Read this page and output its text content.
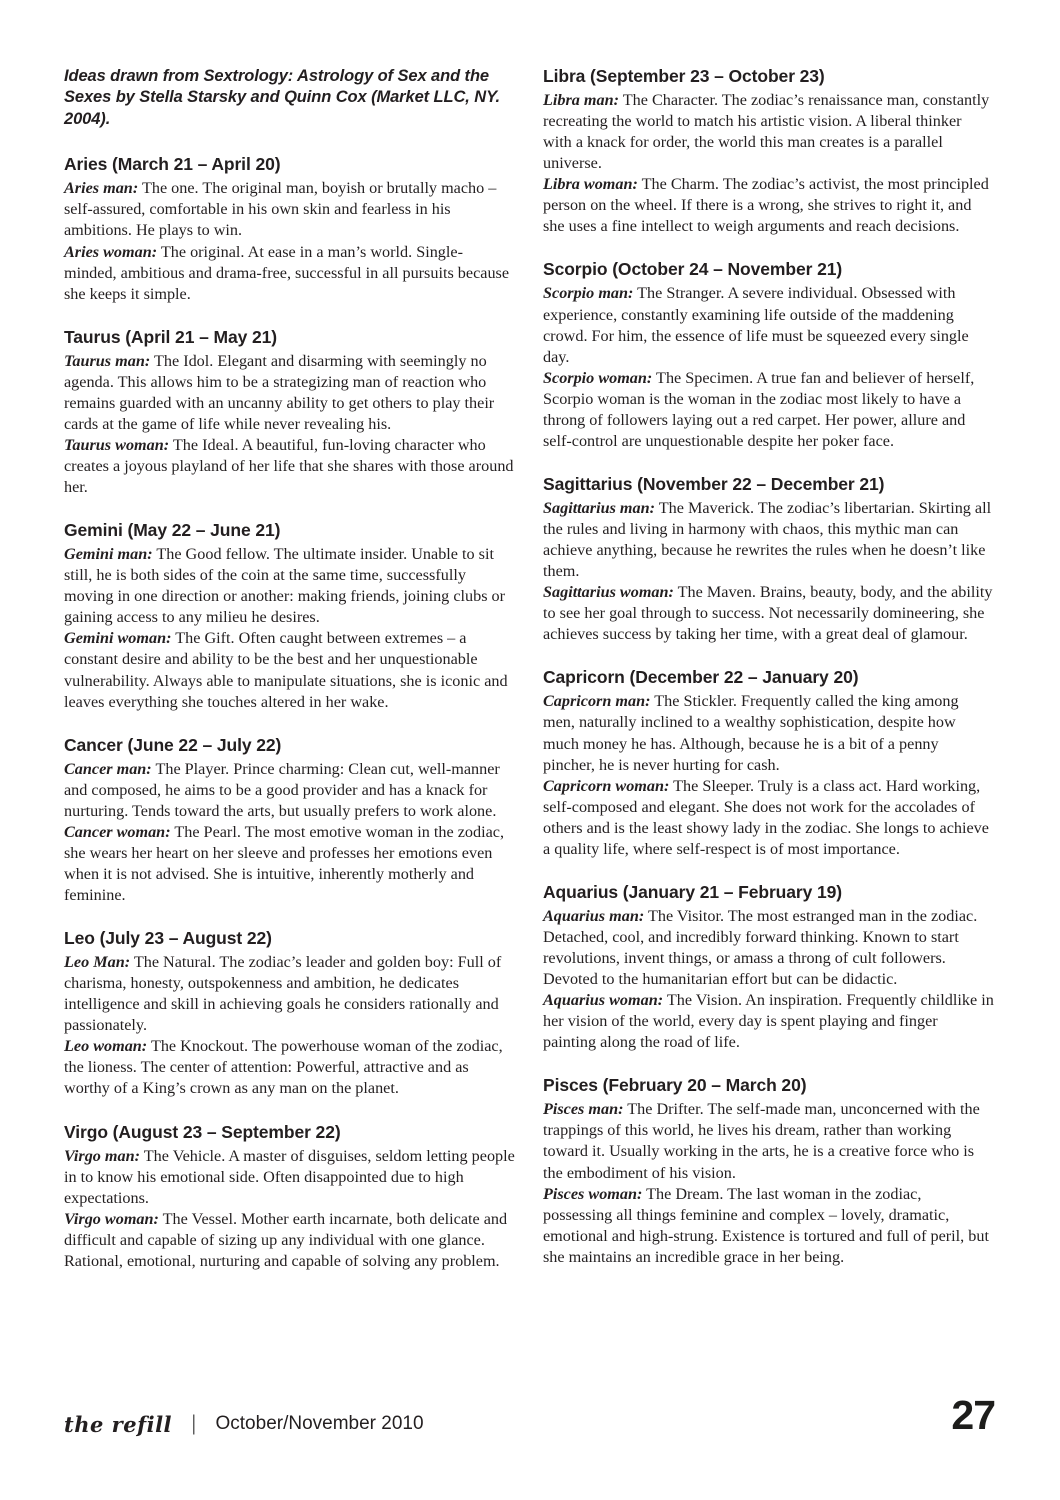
Ideas drawn from Sextrology: Astrology of Sex and the Sexes by Stella Starsky and Quinn Cox (Market LLC, NY. 2004).

Aries (March 21 – April 20)

Aries man: The one. The original man, boyish or brutally macho – self-assured, comfortable in his own skin and fearless in his ambitions. He plays to win.

Aries woman: The original. At ease in a man’s world. Single-minded, ambitious and drama-free, successful in all pursuits because she keeps it simple.

Taurus (April 21 – May 21)

Taurus man: The Idol. Elegant and disarming with seemingly no agenda. This allows him to be a strategizing man of reaction who remains guarded with an uncanny ability to get others to play their cards at the game of life while never revealing his.

Taurus woman: The Ideal. A beautiful, fun-loving character who creates a joyous playland of her life that she shares with those around her.

Gemini (May 22 – June 21)

Gemini man: The Good fellow. The ultimate insider. Unable to sit still, he is both sides of the coin at the same time, successfully moving in one direction or another: making friends, joining clubs or gaining access to any milieu he desires.

Gemini woman: The Gift. Often caught between extremes – a constant desire and ability to be the best and her unquestionable vulnerability. Always able to manipulate situations, she is iconic and leaves everything she touches altered in her wake.

Cancer (June 22 – July 22)

Cancer man: The Player. Prince charming: Clean cut, well-manner and composed, he aims to be a good provider and has a knack for nurturing. Tends toward the arts, but usually prefers to work alone.

Cancer woman: The Pearl. The most emotive woman in the zodiac, she wears her heart on her sleeve and professes her emotions even when it is not advised. She is intuitive, inherently motherly and feminine.

Leo (July 23 – August 22)

Leo Man: The Natural. The zodiac’s leader and golden boy: Full of charisma, honesty, outspokenness and ambition, he dedicates intelligence and skill in achieving goals he considers rationally and passionately.

Leo woman: The Knockout. The powerhouse woman of the zodiac, the lioness. The center of attention: Powerful, attractive and as worthy of a King’s crown as any man on the planet.

Virgo (August 23 – September 22)

Virgo man: The Vehicle. A master of disguises, seldom letting people in to know his emotional side. Often disappointed due to high expectations.

Virgo woman: The Vessel. Mother earth incarnate, both delicate and difficult and capable of sizing up any individual with one glance. Rational, emotional, nurturing and capable of solving any problem.

Libra (September 23 – October 23)

Libra man: The Character. The zodiac’s renaissance man, constantly recreating the world to match his artistic vision. A liberal thinker with a knack for order, the world this man creates is a parallel universe.

Libra woman: The Charm. The zodiac’s activist, the most principled person on the wheel. If there is a wrong, she strives to right it, and she uses a fine intellect to weigh arguments and reach decisions.

Scorpio (October 24 – November 21)

Scorpio man: The Stranger. A severe individual. Obsessed with experience, constantly examining life outside of the maddening crowd. For him, the essence of life must be squeezed every single day.

Scorpio woman: The Specimen. A true fan and believer of herself, Scorpio woman is the woman in the zodiac most likely to have a throng of followers laying out a red carpet. Her power, allure and self-control are unquestionable despite her poker face.

Sagittarius (November 22 – December 21)

Sagittarius man: The Maverick. The zodiac’s libertarian. Skirting all the rules and living in harmony with chaos, this mythic man can achieve anything, because he rewrites the rules when he doesn’t like them.

Sagittarius woman: The Maven. Brains, beauty, body, and the ability to see her goal through to success. Not necessarily domineering, she achieves success by taking her time, with a great deal of glamour.

Capricorn (December 22 – January 20)

Capricorn man: The Stickler. Frequently called the king among men, naturally inclined to a wealthy sophistication, despite how much money he has. Although, because he is a bit of a penny pincher, he is never hurting for cash.

Capricorn woman: The Sleeper. Truly is a class act. Hard working, self-composed and elegant. She does not work for the accolades of others and is the least showy lady in the zodiac. She longs to achieve a quality life, where self-respect is of most importance.

Aquarius (January 21 – February 19)

Aquarius man: The Visitor. The most estranged man in the zodiac. Detached, cool, and incredibly forward thinking. Known to start revolutions, invent things, or amass a throng of cult followers. Devoted to the humanitarian effort but can be didactic.

Aquarius woman: The Vision. An inspiration. Frequently childlike in her vision of the world, every day is spent playing and finger painting along the road of life.

Pisces (February 20 – March 20)

Pisces man: The Drifter. The self-made man, unconcerned with the trappings of this world, he lives his dream, rather than working toward it. Usually working in the arts, he is a creative force who is the embodiment of his vision.

Pisces woman: The Dream. The last woman in the zodiac, possessing all things feminine and complex – lovely, dramatic, emotional and high-strung. Existence is tortured and full of peril, but she maintains an incredible grace in her being.

the refill | October/November 2010	27
